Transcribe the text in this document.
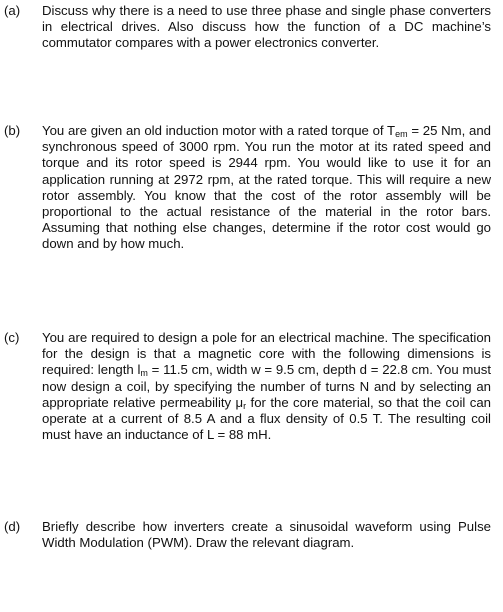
(a) Discuss why there is a need to use three phase and single phase converters in electrical drives. Also discuss how the function of a DC machine’s commutator compares with a power electronics converter.

(b) You are given an old induction motor with a rated torque of $T_{em} = 25$ Nm, and synchronous speed of 3000 rpm. You run the motor at its rated speed and torque and its rotor speed is 2944 rpm. You would like to use it for an application running at 2972 rpm, at the rated torque. This will require a new rotor assembly. You know that the cost of the rotor assembly will be proportional to the actual resistance of the material in the rotor bars. Assuming that nothing else changes, determine if the rotor cost would go down and by how much.

(c) You are required to design a pole for an electrical machine. The specification for the design is that a magnetic core with the following dimensions is required: length $l_m = 11.5$ cm, width w = 9.5 cm, depth d = 22.8 cm. You must now design a coil, by specifying the number of turns N and by selecting an appropriate relative permeability $\mu_r$ for the core material, so that the coil can operate at a current of 8.5 A and a flux density of 0.5 T. The resulting coil must have an inductance of L = 88 mH.

(d) Briefly describe how inverters create a sinusoidal waveform using Pulse Width Modulation (PWM). Draw the relevant diagram.
